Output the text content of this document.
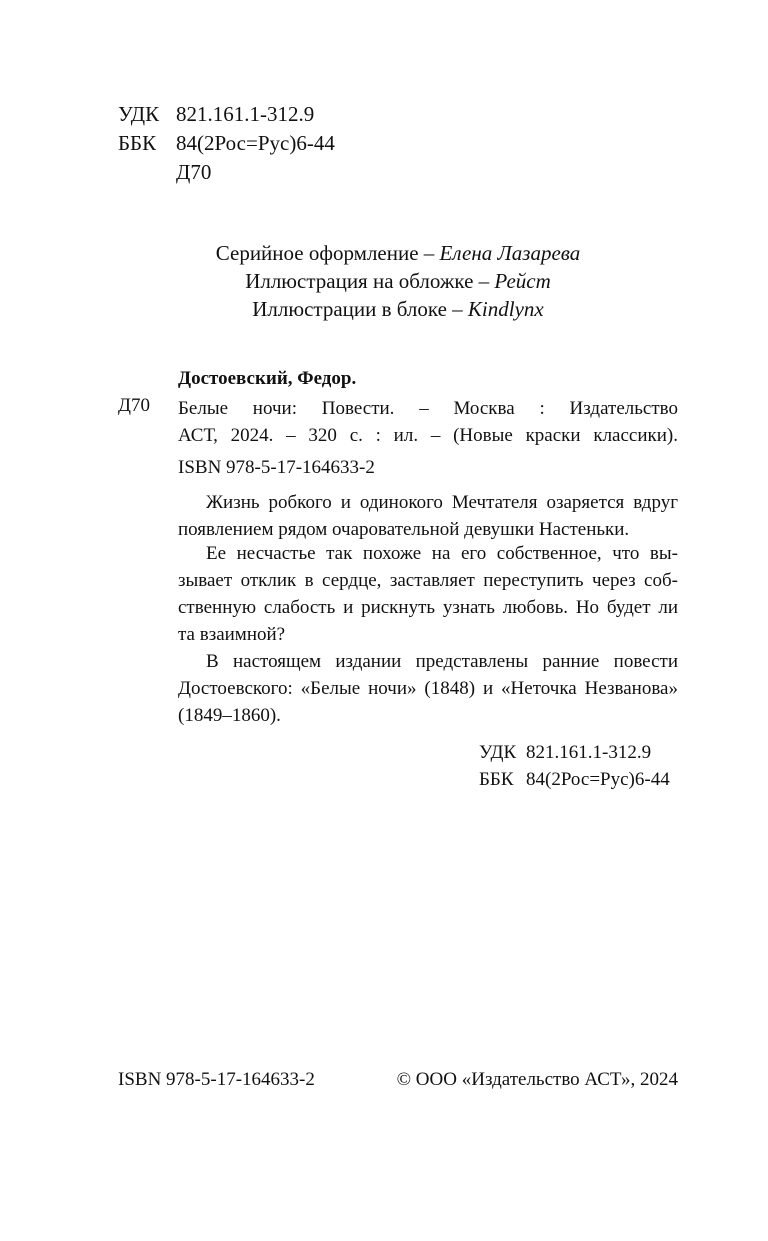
УДК 821.161.1-312.9
ББК 84(2Рос=Рус)6-44
Д70
Серийное оформление – Елена Лазарева
Иллюстрация на обложке – Рейст
Иллюстрации в блоке – Kindlynx
Достоевский, Федор.
Д70 Белые ночи: Повести. – Москва : Издательство
АСТ, 2024. – 320 с. : ил. – (Новые краски классики).
ISBN 978-5-17-164633-2
Жизнь робкого и одинокого Мечтателя озаряется вдруг
появлением рядом очаровательной девушки Настеньки.
Ее несчастье так похоже на его собственное, что вы-
зывает отклик в сердце, заставляет переступить через соб-
ственную слабость и рискнуть узнать любовь. Но будет ли
та взаимной?
В настоящем издании представлены ранние повести
Достоевского: «Белые ночи» (1848) и «Неточка Незванова»
(1849–1860).
УДК 821.161.1-312.9
ББК 84(2Рос=Рус)6-44
ISBN 978-5-17-164633-2	© ООО «Издательство АСТ», 2024
